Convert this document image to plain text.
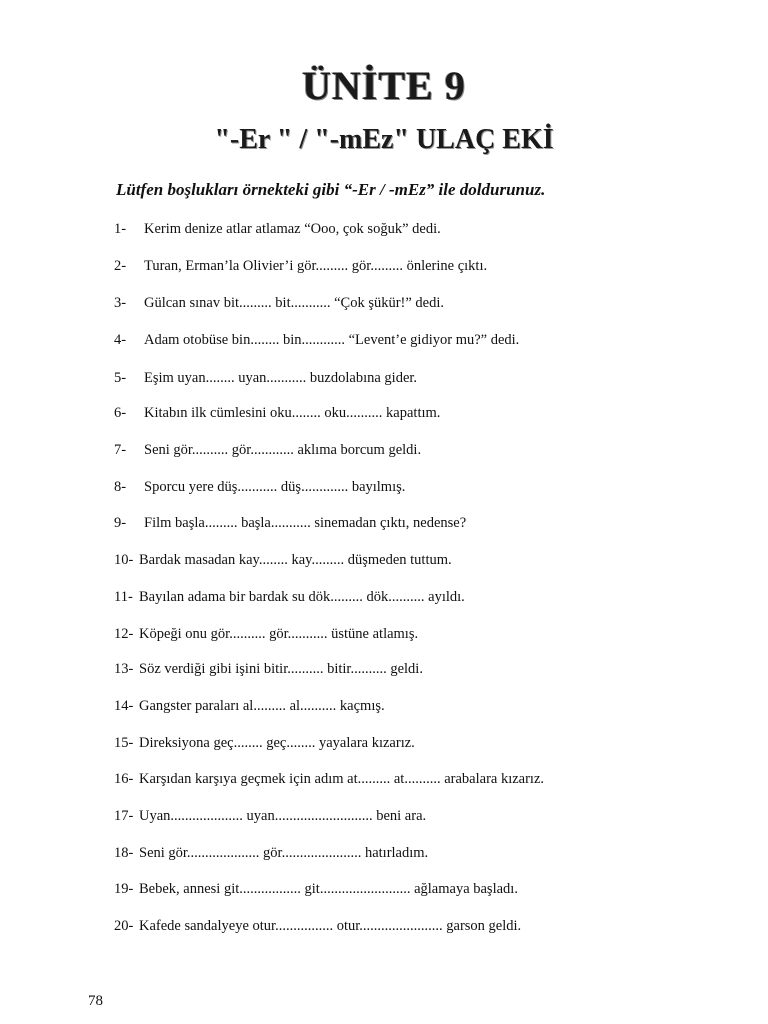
ÜNİTE 9
"-Er " / "-mEz" ULAÇ EKİ
Lütfen boşlukları örnekteki gibi “-Er / -mEz” ile doldurunuz.
1- Kerim denize atlar atlamaz “Ooo, çok soğuk” dedi.
2- Turan, Erman’la Olivier’i gör......... gör......... önlerine çıktı.
3- Gülcan sınav bit......... bit........... “Çok şükür!” dedi.
4- Adam otobüse bin........ bin............ “Levent’e gidiyor mu?” dedi.
5- Eşim uyan........ uyan........... buzdolabına gider.
6- Kitabın ilk cümlesini oku........ oku.......... kapattım.
7- Seni gör.......... gör............ aklıma borcum geldi.
8- Sporcu yere düş........... düş............. bayılmış.
9- Film başla......... başla........... sinemadan çıktı, nedense?
10- Bardak masadan kay........ kay......... düşmeden tuttum.
11- Bayılan adama bir bardak su dök......... dök.......... ayıldı.
12- Köpeği onu gör.......... gör........... üstüne atlamış.
13- Söz verdiği gibi işini bitir.......... bitir.......... geldi.
14- Gangster paraları al......... al.......... kaçmış.
15- Direksiyona geç........ geç........ yayalara kızarız.
16- Karşıdan karşıya geçmek için adım at......... at.......... arabalara kızarız.
17- Uyan.................... uyan........................... beni ara.
18- Seni gör.................... gör...................... hatırladım.
19- Bebek, annesi git................. git......................... ağlamaya başladı.
20- Kafede sandalyeye otur................ otur....................... garson geldi.
78
